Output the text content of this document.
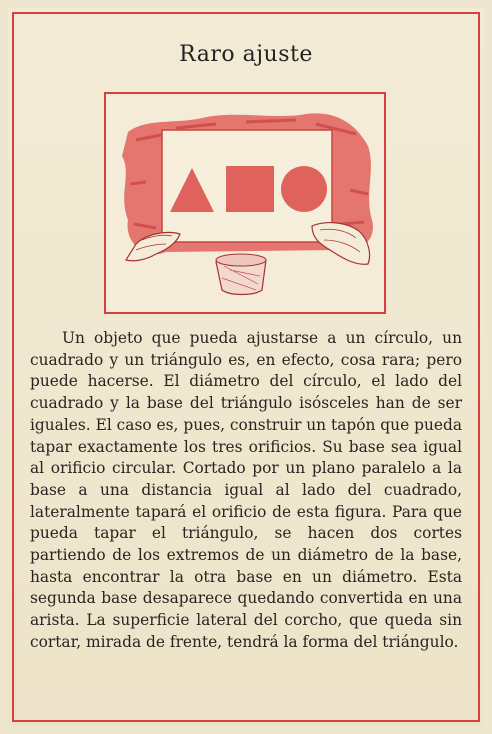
Raro ajuste
Un objeto que pueda ajustarse a un círculo, un cuadrado y un triángulo es, en efecto, cosa rara; pero puede hacerse. El diámetro del círculo, el lado del cuadrado y la base del triángulo isósceles han de ser iguales. El caso es, pues, construir un tapón que pueda tapar exactamente los tres orificios. Su base sea igual al orificio circular. Cortado por un plano paralelo a la base a una distancia igual al lado del cuadrado, lateralmente tapará el orificio de esta figura. Para que pueda tapar el triángulo, se hacen dos cortes partiendo de los extremos de un diámetro de la base, hasta encontrar la otra base en un diámetro. Esta segunda base desaparece quedando convertida en una arista. La superficie lateral del corcho, que queda sin cortar, mirada de frente, tendrá la forma del triángulo.
